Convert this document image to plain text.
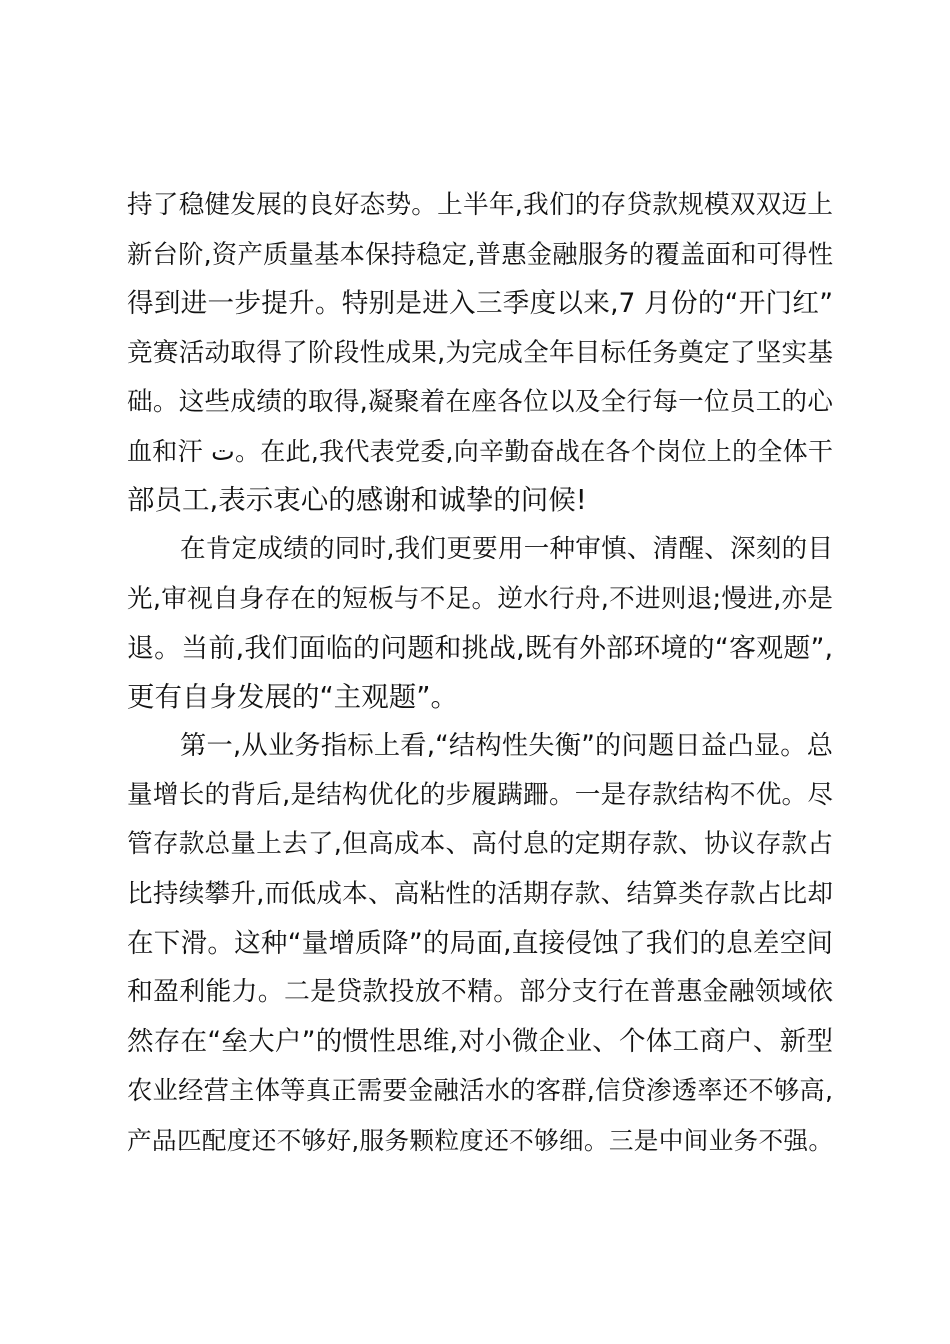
持了稳健发展的良好态势。上半年,我们的存贷款规模双双迈上
新台阶,资产质量基本保持稳定,普惠金融服务的覆盖面和可得性
得到进一步提升。特别是进入三季度以来,7 月份的“开门红”
竞赛活动取得了阶段性成果,为完成全年目标任务奠定了坚实基
础。这些成绩的取得,凝聚着在座各位以及全行每一位员工的心
血和汗 ت。在此,我代表党委,向辛勤奋战在各个岗位上的全体干
部员工,表示衷心的感谢和诚挚的问候!

在肯定成绩的同时,我们更要用一种审慎、清醒、深刻的目
光,审视自身存在的短板与不足。逆水行舟,不进则退;慢进,亦是
退。当前,我们面临的问题和挑战,既有外部环境的“客观题”,
更有自身发展的“主观题”。

第一,从业务指标上看,“结构性失衡”的问题日益凸显。总
量增长的背后,是结构优化的步履蹒跚。一是存款结构不优。尽
管存款总量上去了,但高成本、高付息的定期存款、协议存款占
比持续攀升,而低成本、高粘性的活期存款、结算类存款占比却
在下滑。这种“量增质降”的局面,直接侵蚀了我们的息差空间
和盈利能力。二是贷款投放不精。部分支行在普惠金融领域依
然存在“垒大户”的惯性思维,对小微企业、个体工商户、新型
农业经营主体等真正需要金融活水的客群,信贷渗透率还不够高,
产品匹配度还不够好,服务颗粒度还不够细。三是中间业务不强。
